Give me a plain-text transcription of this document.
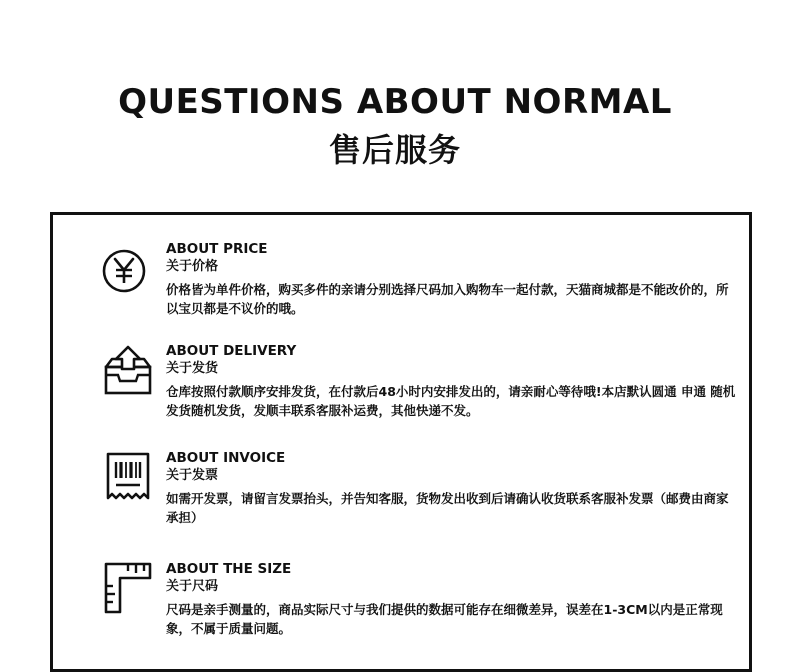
QUESTIONS ABOUT NORMAL
售后服务
ABOUT PRICE
关于价格
价格皆为单件价格，购买多件的亲请分别选择尺码加入购物车一起付款，天猫商城都是不能改价的，所以宝贝都是不议价的哦。
ABOUT DELIVERY
关于发货
仓库按照付款顺序安排发货，在付款后48小时内安排发出的，请亲耐心等待哦!本店默认圆通 申通 随机发货随机发货，发顺丰联系客服补运费，其他快递不发。
ABOUT INVOICE
关于发票
如需开发票，请留言发票抬头，并告知客服，货物发出收到后请确认收货联系客服补发票（邮费由商家承担）
ABOUT THE SIZE
关于尺码
尺码是亲手测量的，商品实际尺寸与我们提供的数据可能存在细微差异，误差在1-3CM以内是正常现象，不属于质量问题。
